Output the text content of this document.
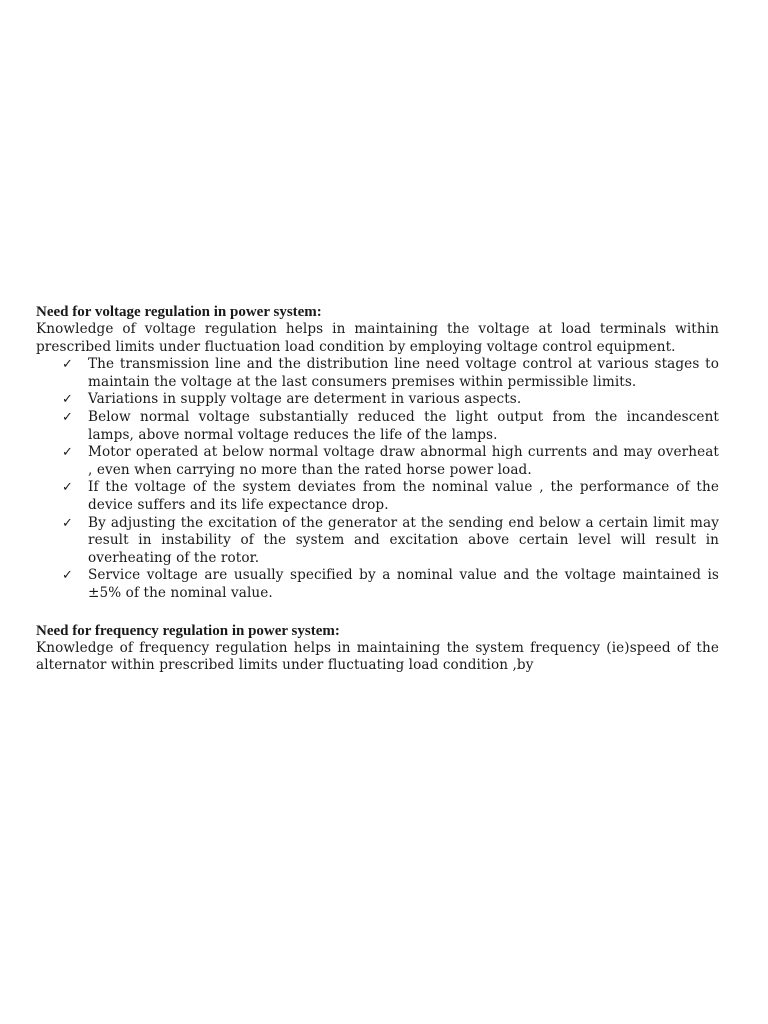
Need for voltage regulation in power system:

Knowledge of voltage regulation helps in maintaining the voltage at load terminals within prescribed limits under fluctuation load condition by employing voltage control equipment.

✓ The transmission line and the distribution line need voltage control at various stages to maintain the voltage at the last consumers premises within permissible limits.
✓ Variations in supply voltage are determent in various aspects.
✓ Below normal voltage substantially reduced the light output from the incandescent lamps, above normal voltage reduces the life of the lamps.
✓ Motor operated at below normal voltage draw abnormal high currents and may overheat , even when carrying no more than the rated horse power load.
✓ If the voltage of the system deviates from the nominal value , the performance of the device suffers and its life expectance drop.
✓ By adjusting the excitation of the generator at the sending end below a certain limit may result in instability of the system and excitation above certain level will result in overheating of the rotor.
✓ Service voltage are usually specified by a nominal value and the voltage maintained is ±5% of the nominal value.

Need for frequency regulation in power system:

Knowledge of frequency regulation helps in maintaining the system frequency (ie)speed of the alternator within prescribed limits under fluctuating load condition ,by
